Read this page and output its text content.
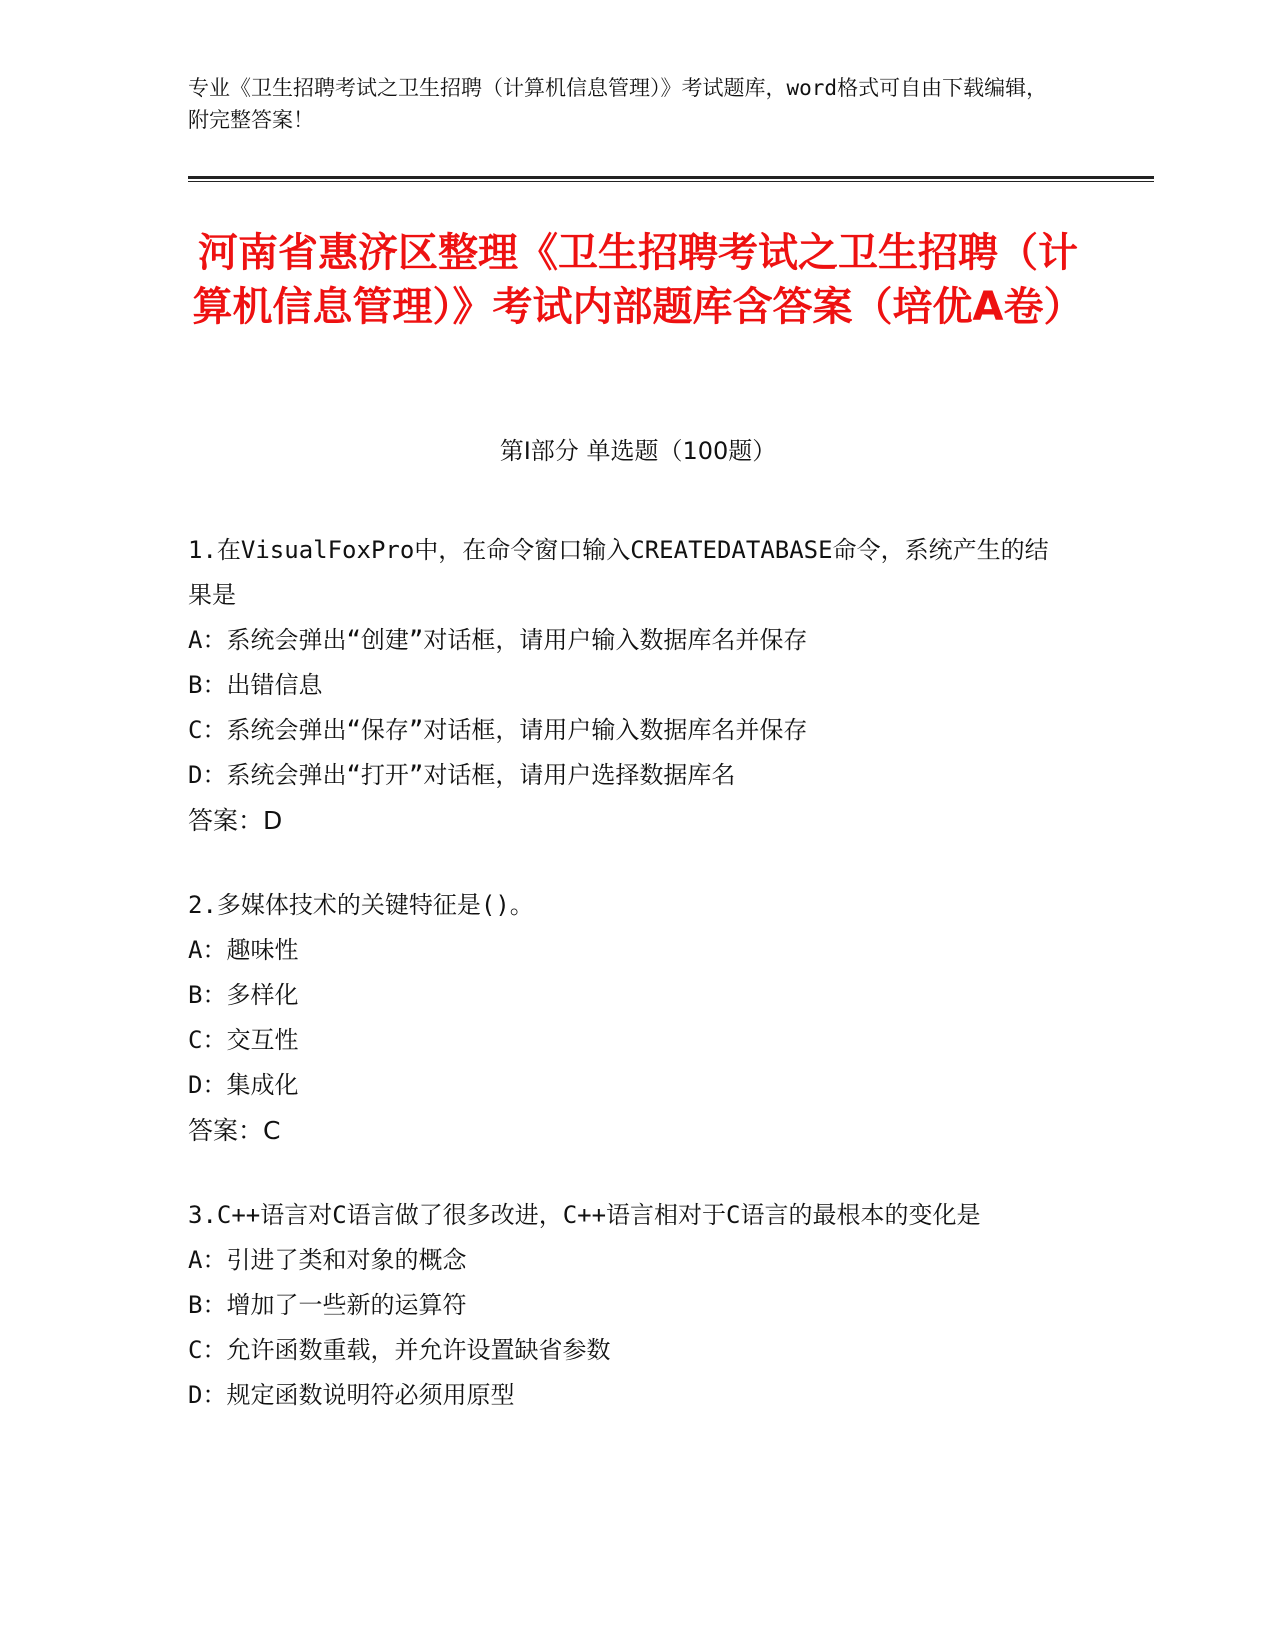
专业《卫生招聘考试之卫生招聘（计算机信息管理）》考试题库，word格式可自由下载编辑，附完整答案！
河南省惠济区整理《卫生招聘考试之卫生招聘（计算机信息管理）》考试内部题库含答案（培优A卷）
第Ⅰ部分 单选题（100题）
1.在VisualFoxPro中，在命令窗口输入CREATEDATABASE命令，系统产生的结果是
A：系统会弹出“创建”对话框，请用户输入数据库名并保存
B：出错信息
C：系统会弹出“保存”对话框，请用户输入数据库名并保存
D：系统会弹出“打开”对话框，请用户选择数据库名
答案：D
2.多媒体技术的关键特征是()。
A：趣味性
B：多样化
C：交互性
D：集成化
答案：C
3.C++语言对C语言做了很多改进，C++语言相对于C语言的最根本的变化是
A：引进了类和对象的概念
B：增加了一些新的运算符
C：允许函数重载，并允许设置缺省参数
D：规定函数说明符必须用原型
